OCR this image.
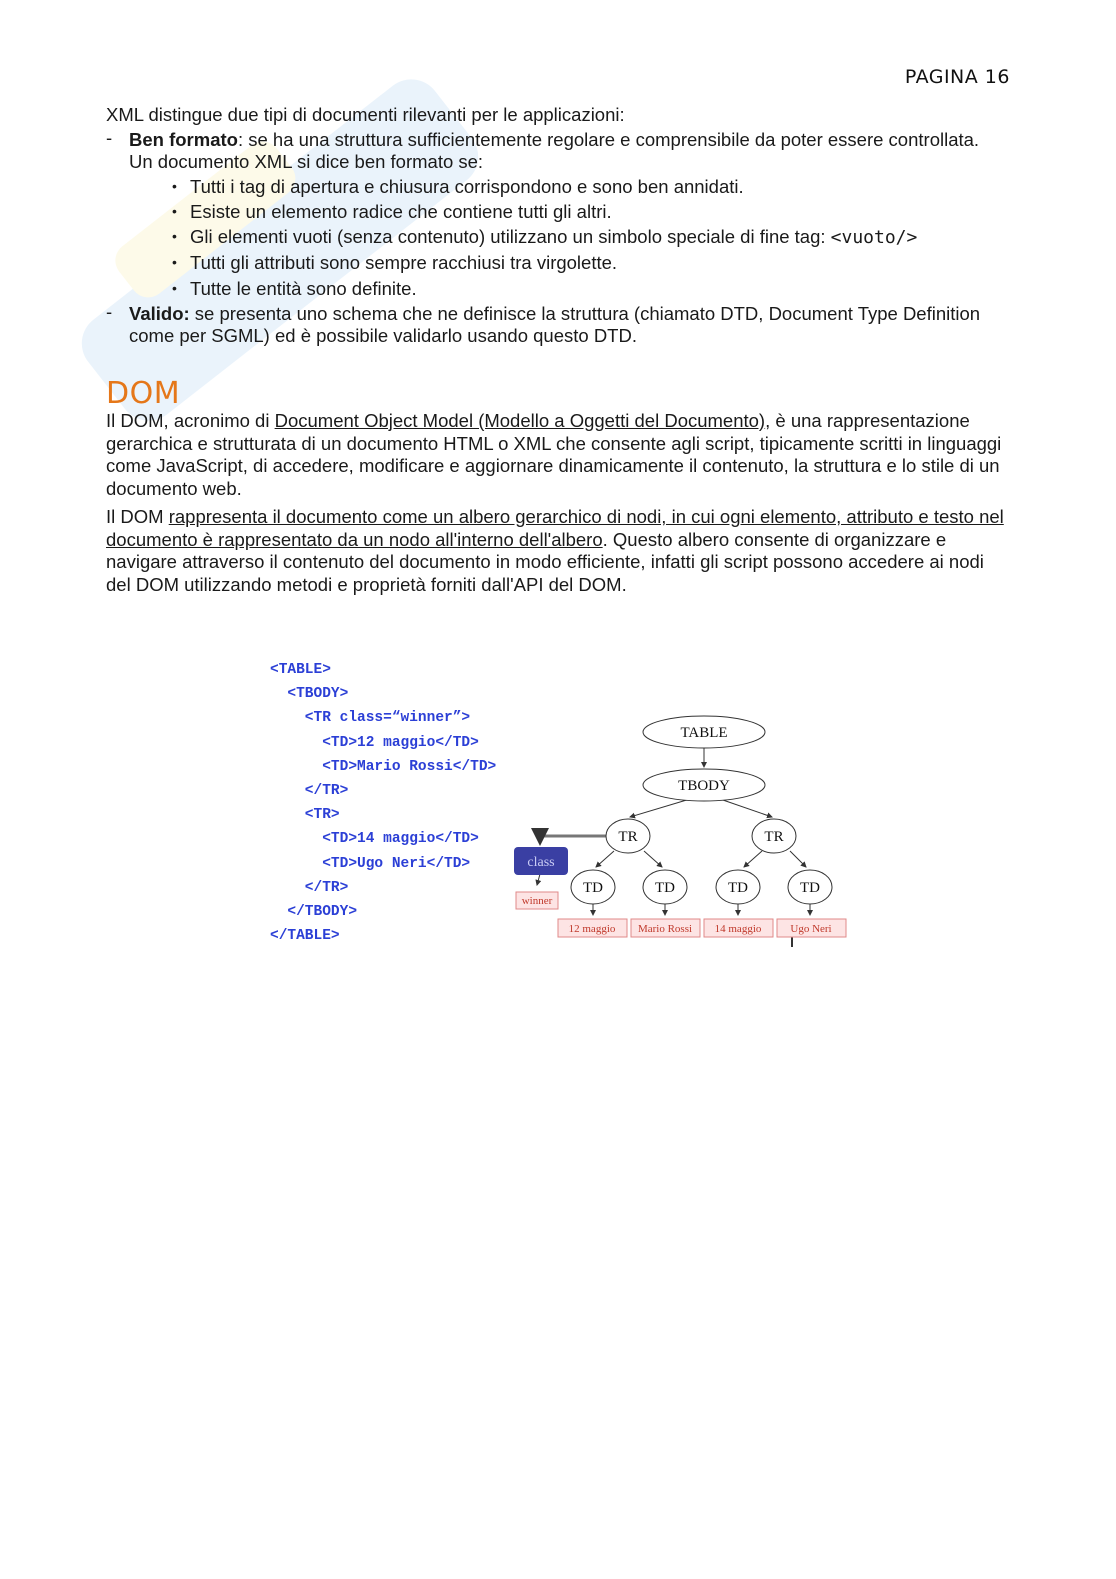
PAGINA 16

XML distingue due tipi di documenti rilevanti per le applicazioni:

- Ben formato: se ha una struttura sufficientemente regolare e comprensibile da poter essere controllata. Un documento XML si dice ben formato se:
• Tutti i tag di apertura e chiusura corrispondono e sono ben annidati.
• Esiste un elemento radice che contiene tutti gli altri.
• Gli elementi vuoti (senza contenuto) utilizzano un simbolo speciale di fine tag: <vuoto/>
• Tutti gli attributi sono sempre racchiusi tra virgolette.
• Tutte le entità sono definite.
- Valido: se presenta uno schema che ne definisce la struttura (chiamato DTD, Document Type Definition come per SGML) ed è possibile validarlo usando questo DTD.
DOM

Il DOM, acronimo di Document Object Model (Modello a Oggetti del Documento), è una rappresentazione gerarchica e strutturata di un documento HTML o XML che consente agli script, tipicamente scritti in linguaggi come JavaScript, di accedere, modificare e aggiornare dinamicamente il contenuto, la struttura e lo stile di un documento web.

Il DOM rappresenta il documento come un albero gerarchico di nodi, in cui ogni elemento, attributo e testo nel documento è rappresentato da un nodo all'interno dell'albero. Questo albero consente di organizzare e navigare attraverso il contenuto del documento in modo efficiente, infatti gli script possono accedere ai nodi del DOM utilizzando metodi e proprietà forniti dall'API del DOM.

<TABLE>
<TBODY>
<TR class=“winner”>
<TD>12 maggio</TD>
<TD>Mario Rossi</TD>
</TR>
<TR>
<TD>14 maggio</TD>
<TD>Ugo Neri</TD>
</TR>
</TBODY>
</TABLE>
TABLE
TBODY
TR	TR
TD	TD	TD	TD
class
winner
12 maggio Mario Rossi 14 maggio	Ugo Neri
